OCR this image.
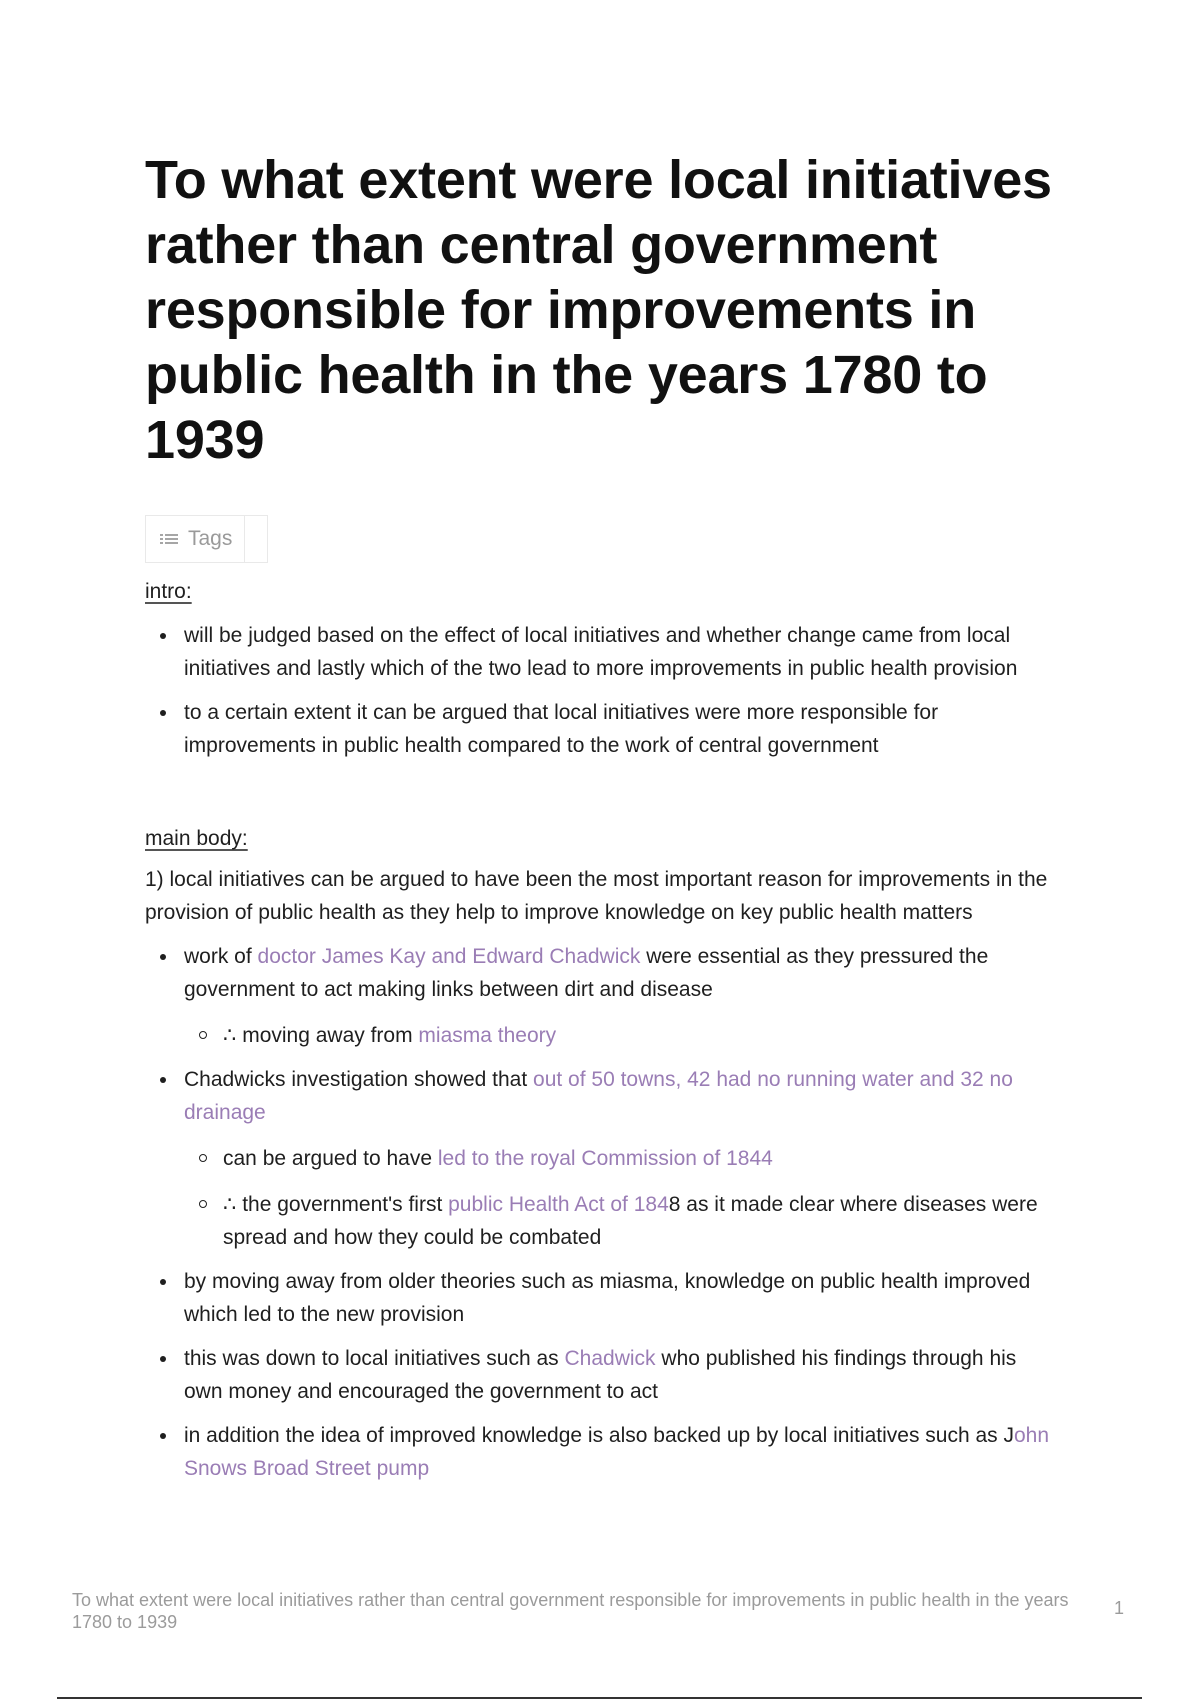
To what extent were local initiatives rather than central government responsible for improvements in public health in the years 1780 to 1939
Tags

intro:

will be judged based on the effect of local initiatives and whether change came from local initiatives and lastly which of the two lead to more improvements in public health provision
to a certain extent it can be argued that local initiatives were more responsible for improvements in public health compared to the work of central government

main body:

1) local initiatives can be argued to have been the most important reason for improvements in the provision of public health as they help to improve knowledge on key public health matters

work of doctor James Kay and Edward Chadwick were essential as they pressured the government to act making links between dirt and disease
∴ moving away from miasma theory
Chadwicks investigation showed that out of 50 towns, 42 had no running water and 32 no drainage
can be argued to have led to the royal Commission of 1844
∴ the government's first public Health Act of 1848 as it made clear where diseases were spread and how they could be combated
by moving away from older theories such as miasma, knowledge on public health improved which led to the new provision
this was down to local initiatives such as Chadwick who published his findings through his own money and encouraged the government to act
in addition the idea of improved knowledge is also backed up by local initiatives such as John Snows Broad Street pump
To what extent were local initiatives rather than central government responsible for improvements in public health in the years 1780 to 1939
1
